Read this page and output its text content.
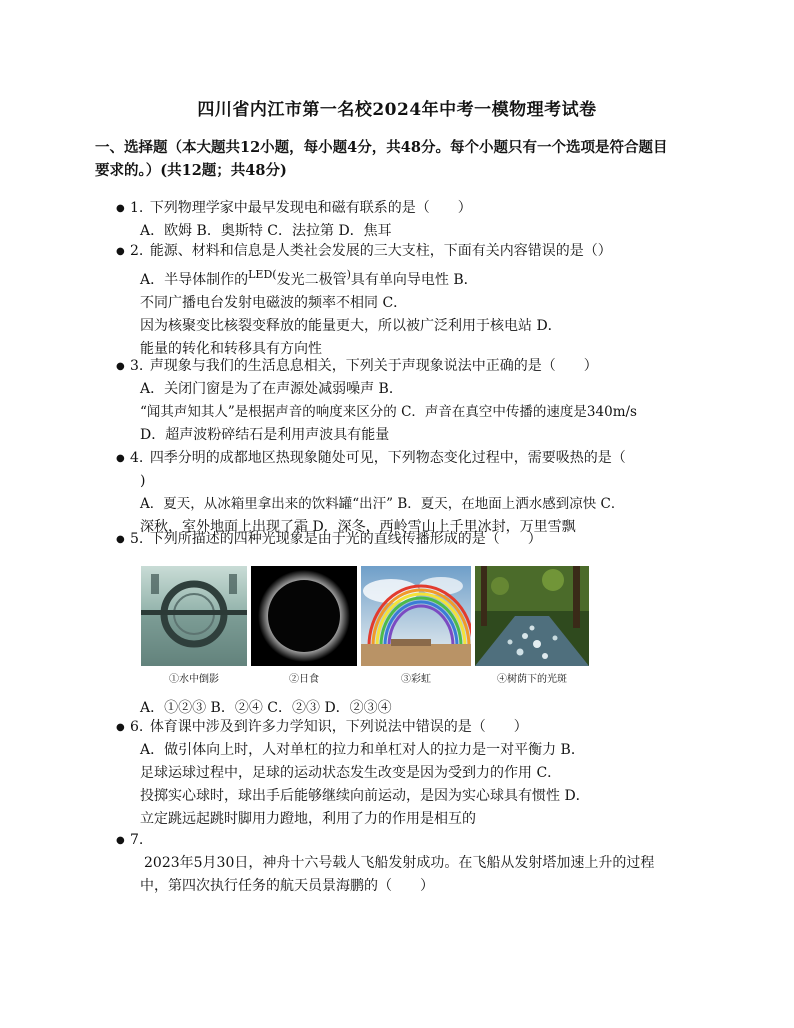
四川省内江市第一名校2024年中考一模物理考试卷
一、选择题（本大题共12小题，每小题4分，共48分。每个小题只有一个选项是符合题目
要求的。）(共12题；共48分)
● 1. 下列物理学家中最早发现电和磁有联系的是（　　）

A．欧姆 B．奥斯特 C．法拉第 D．焦耳

● 2. 能源、材料和信息是人类社会发展的三大支柱，下面有关内容错误的是（）

A．半导体制作的$^{LED(}$发光二极管)具有单向导电性 B．

不同广播电台发射电磁波的频率不相同 C．

因为核聚变比核裂变释放的能量更大，所以被广泛利用于核电站 D．

能量的转化和转移具有方向性

● 3. 声现象与我们的生活息息相关，下列关于声现象说法中正确的是（　　）

A．关闭门窗是为了在声源处减弱噪声 B．

“闻其声知其人”是根据声音的响度来区分的 C．声音在真空中传播的速度是340m/s

D．超声波粉碎结石是利用声波具有能量

● 4. 四季分明的成都地区热现象随处可见，下列物态变化过程中，需要吸热的是（

)

A．夏天，从冰箱里拿出来的饮料罐“出汗” B．夏天，在地面上洒水感到凉快 C．

深秋，室外地面上出现了霜 D．深冬，西岭雪山上千里冰封，万里雪飘

● 5. 下列所描述的四种光现象是由于光的直线传播形成的是（　　）

①水中倒影	②日食	③彩虹	④树荫下的光斑

A．①②③ B．②④ C．②③ D．②③④

● 6. 体育课中涉及到许多力学知识，下列说法中错误的是（　　）

A．做引体向上时，人对单杠的拉力和单杠对人的拉力是一对平衡力 B．

足球运球过程中，足球的运动状态发生改变是因为受到力的作用 C．

投掷实心球时，球出手后能够继续向前运动，是因为实心球具有惯性 D．

立定跳远起跳时脚用力蹬地，利用了力的作用是相互的

● 7.

2023年5月30日，神舟十六号载人飞船发射成功。在飞船从发射塔加速上升的过程

中，第四次执行任务的航天员景海鹏的（　　）
